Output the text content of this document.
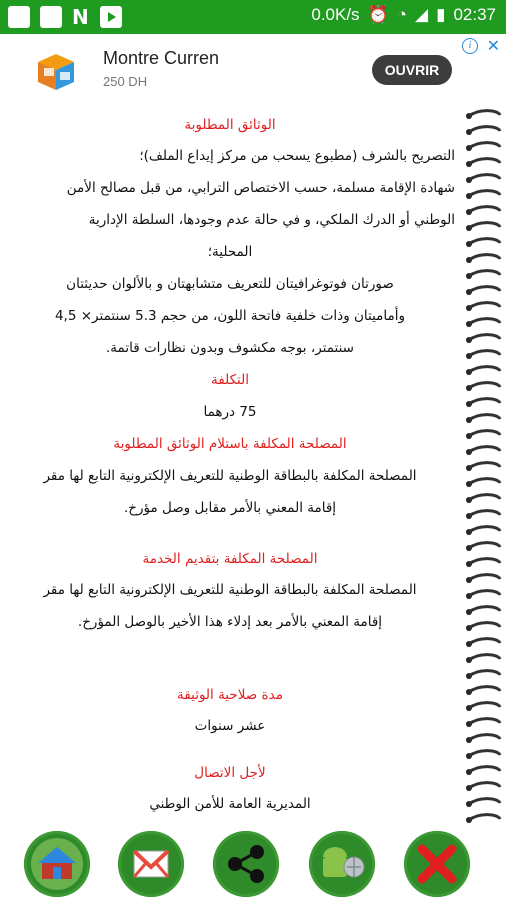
N	0.0K/s ⏰ ◔ ◢ ▮ 02:37
Montre Curren
250 DH
OUVRIR
i ✕

الوثائق المطلوبة

التصريح بالشرف (مطبوع يسحب من مركز إيداع الملف)؛

شهادة الإقامة مسلمة، حسب الاختصاص الترابي، من قبل مصالح الأمن

الوطني أو الدرك الملكي، و في حالة عدم وجودها، السلطة الإدارية

المحلية؛

صورتان فوتوغرافيتان للتعريف متشابهتان و بالألوان حديثتان

وأماميتان وذات خلفية فاتحة اللون، من حجم 5.3 سنتمتر× 4,5

سنتمتر، بوجه مكشوف وبدون نظارات قاتمة.

التكلفة

75 درهما

المصلحة المكلفة باستلام الوثائق المطلوبة

المصلحة المكلفة بالبطاقة الوطنية للتعريف الإلكترونية التابع لها مقر

إقامة المعني بالأمر مقابل وصل مؤرخ.

المصلحة المكلفة بتقديم الخدمة

المصلحة المكلفة بالبطاقة الوطنية للتعريف الإلكترونية التابع لها مقر

إقامة المعني بالأمر بعد إدلاء هذا الأخير بالوصل المؤرخ.

مدة صلاحية الوثيقة

عشر سنوات

لأجل الاتصال

المديرية العامة للأمن الوطني
